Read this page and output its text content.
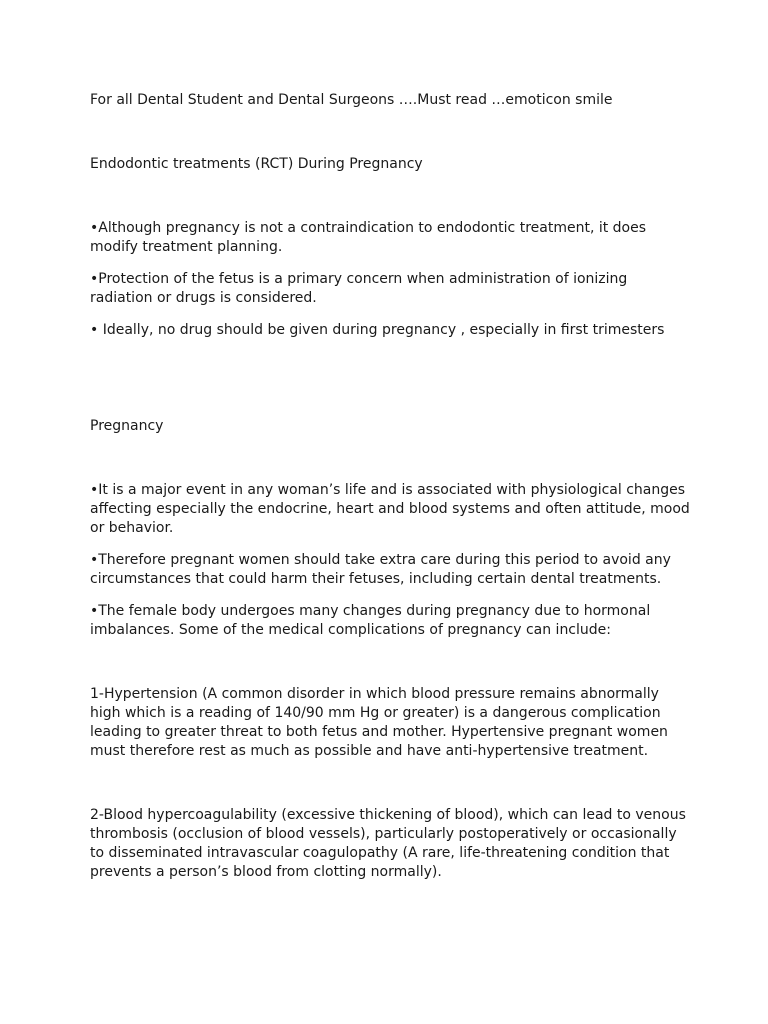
For all Dental Student and Dental Surgeons ….Must read …emoticon smile

Endodontic treatments (RCT) During Pregnancy

•Although pregnancy is not a contraindication to endodontic treatment, it does modify treatment planning.

•Protection of the fetus is a primary concern when administration of ionizing radiation or drugs is considered.

• Ideally, no drug should be given during pregnancy , especially in first trimesters

Pregnancy

•It is a major event in any woman’s life and is associated with physiological changes affecting especially the endocrine, heart and blood systems and often attitude, mood or behavior.

•Therefore pregnant women should take extra care during this period to avoid any circumstances that could harm their fetuses, including certain dental treatments.

•The female body undergoes many changes during pregnancy due to hormonal imbalances. Some of the medical complications of pregnancy can include:

1-Hypertension (A common disorder in which blood pressure remains abnormally high which is a reading of 140/90 mm Hg or greater) is a dangerous complication leading to greater threat to both fetus and mother. Hypertensive pregnant women must therefore rest as much as possible and have anti-hypertensive treatment.

2-Blood hypercoagulability (excessive thickening of blood), which can lead to venous thrombosis (occlusion of blood vessels), particularly postoperatively or occasionally to disseminated intravascular coagulopathy (A rare, life-threatening condition that prevents a person’s blood from clotting normally).
